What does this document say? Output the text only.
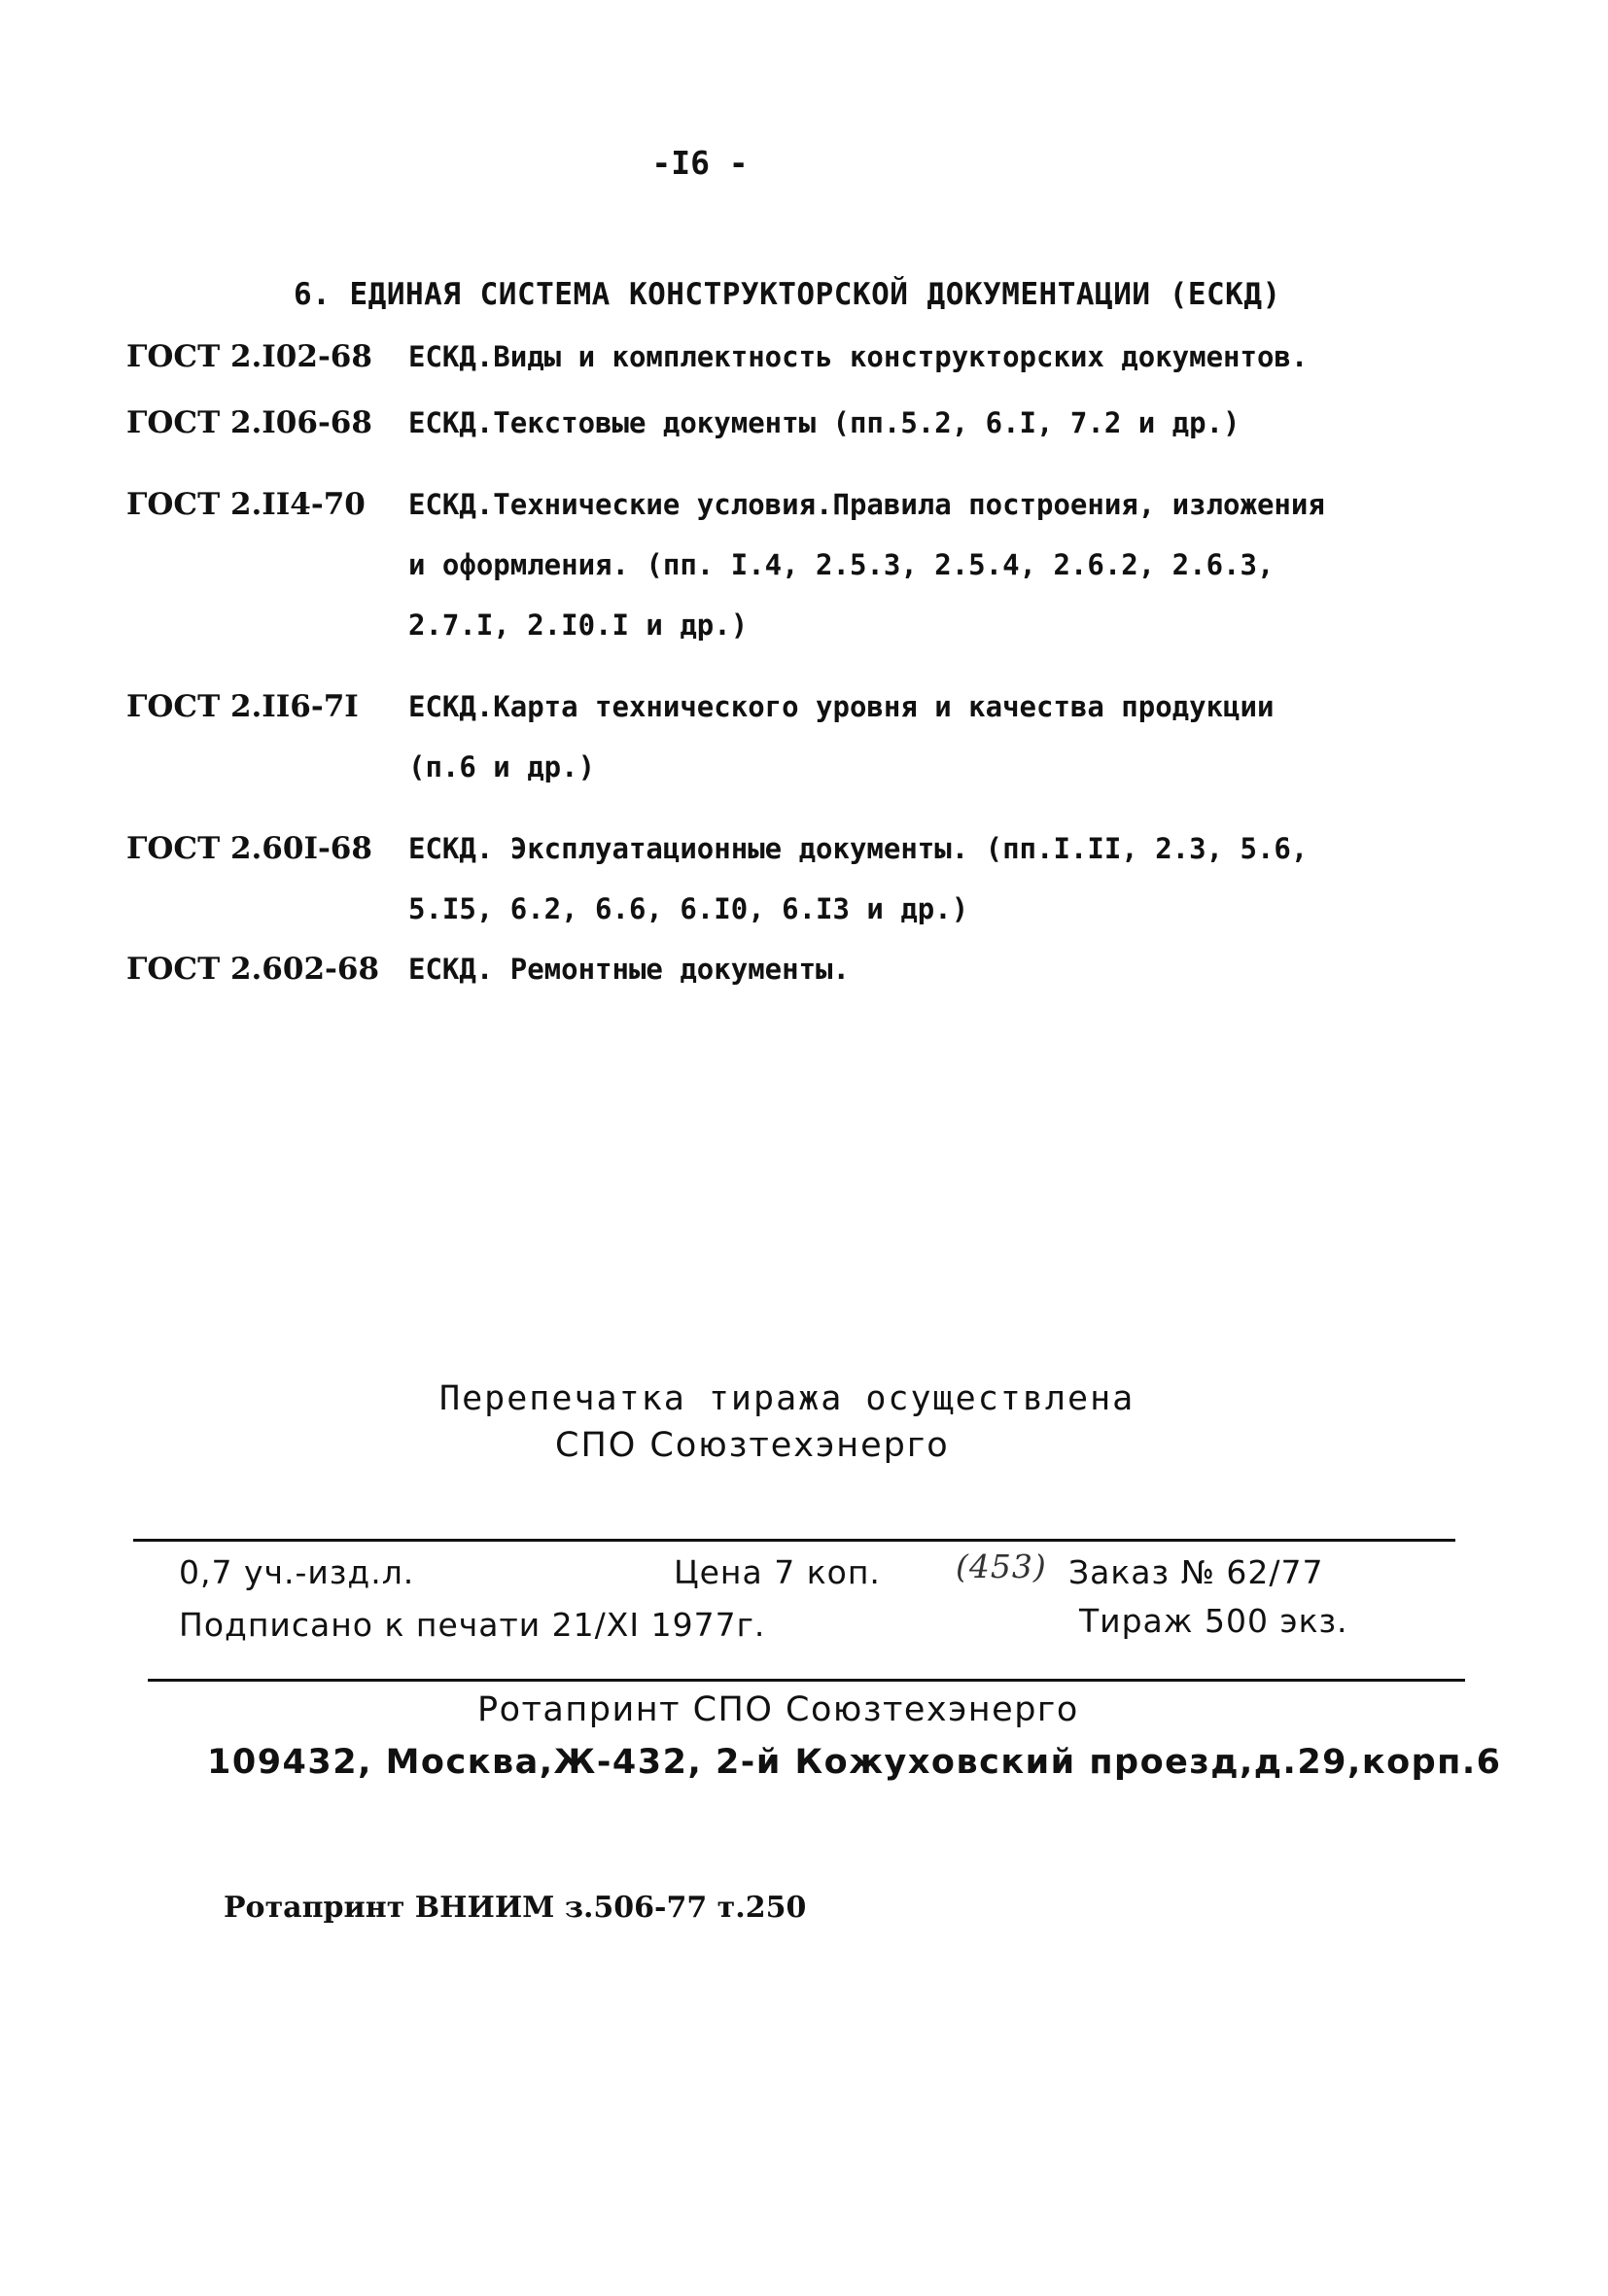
-I6 -
6. ЕДИНАЯ СИСТЕМА КОНСТРУКТОРСКОЙ ДОКУМЕНТАЦИИ (ЕСКД)
ГОСТ 2.I02-68	ЕСКД.Виды и комплектность конструкторских документов.
ГОСТ 2.I06-68	ЕСКД.Текстовые документы (пп.5.2, 6.I, 7.2 и др.)
ГОСТ 2.II4-70	ЕСКД.Технические условия.Правила построения, изложения
и оформления. (пп. I.4, 2.5.3, 2.5.4, 2.6.2, 2.6.3,
2.7.I, 2.I0.I и др.)
ГОСТ 2.II6-7I	ЕСКД.Карта технического уровня и качества продукции
(п.6 и др.)
ГОСТ 2.60I-68	ЕСКД. Эксплуатационные документы. (пп.I.II, 2.3, 5.6,
5.I5, 6.2, 6.6, 6.I0, 6.I3 и др.)
ГОСТ 2.602-68	ЕСКД. Ремонтные документы.
Перепечатка тиража осуществлена
СПО Союзтехэнерго
0,7 уч.-изд.л.	Цена 7 коп. (453) Заказ № 62/77
Подписано к печати 21/XI 1977г.	Тираж 500 экз.
Ротапринт СПО Союзтехэнерго
109432, Москва,Ж-432, 2-й Кожуховский проезд,д.29,корп.6
Ротапринт ВНИИМ з.506-77 т.250
